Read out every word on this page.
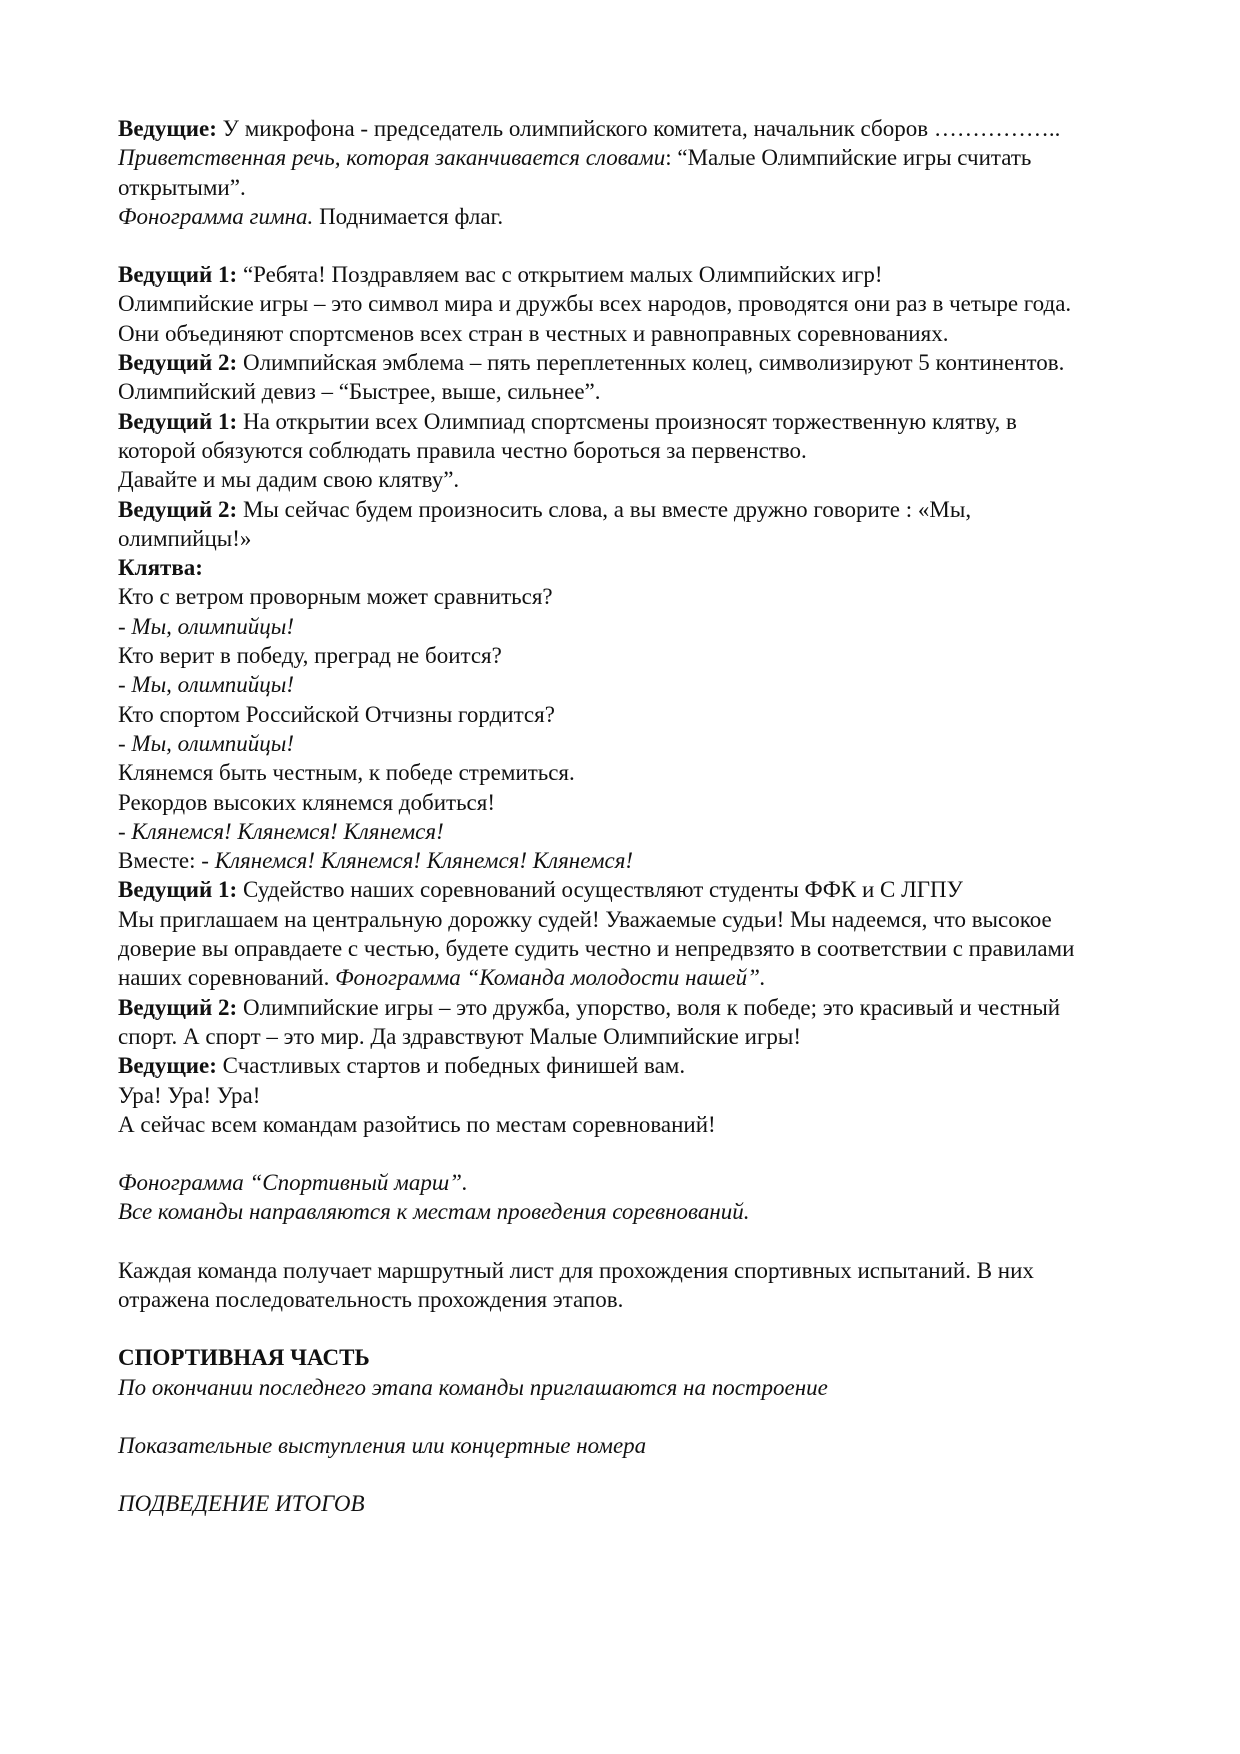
Ведущие: У микрофона - председатель олимпийского комитета, начальник сборов ……………..
Приветственная речь, которая заканчивается словами: “Малые Олимпийские игры считать
открытыми”.
Фонограмма гимна. Поднимается флаг.
Ведущий 1: “Ребята! Поздравляем вас с открытием малых Олимпийских игр!
Олимпийские игры – это символ мира и дружбы всех народов, проводятся они раз в четыре года.
Они объединяют спортсменов всех стран в честных и равноправных соревнованиях.
Ведущий 2: Олимпийская эмблема – пять переплетенных колец, символизируют 5 континентов.
Олимпийский девиз – “Быстрее, выше, сильнее”.
Ведущий 1: На открытии всех Олимпиад спортсмены произносят торжественную клятву, в
которой обязуются соблюдать правила честно бороться за первенство.
Давайте и мы дадим свою клятву”.
Ведущий 2: Мы сейчас будем произносить слова, а вы вместе дружно говорите : «Мы,
олимпийцы!»
Клятва:
Кто с ветром проворным может сравниться?
- Мы, олимпийцы!
Кто верит в победу, преград не боится?
- Мы, олимпийцы!
Кто спортом Российской Отчизны гордится?
- Мы, олимпийцы!
Клянемся быть честным, к победе стремиться.
Рекордов высоких клянемся добиться!
- Клянемся! Клянемся! Клянемся!
Вместе: - Клянемся! Клянемся! Клянемся! Клянемся!
Ведущий 1: Судейство наших соревнований осуществляют студенты ФФК и С ЛГПУ
Мы приглашаем на центральную дорожку судей! Уважаемые судьи! Мы надеемся, что высокое
доверие вы оправдаете с честью, будете судить честно и непредвзято в соответствии с правилами
наших соревнований. Фонограмма “Команда молодости нашей”.
Ведущий 2: Олимпийские игры – это дружба, упорство, воля к победе; это красивый и честный
спорт. А спорт – это мир. Да здравствуют Малые Олимпийские игры!
Ведущие: Счастливых стартов и победных финишей вам.
Ура! Ура! Ура!
А сейчас всем командам разойтись по местам соревнований!
Фонограмма “Спортивный марш”.
Все команды направляются к местам проведения соревнований.
Каждая команда получает маршрутный лист для прохождения спортивных испытаний. В них
отражена последовательность прохождения этапов.
СПОРТИВНАЯ ЧАСТЬ
По окончании последнего этапа команды приглашаются на построение
Показательные выступления или концертные номера
ПОДВЕДЕНИЕ ИТОГОВ
